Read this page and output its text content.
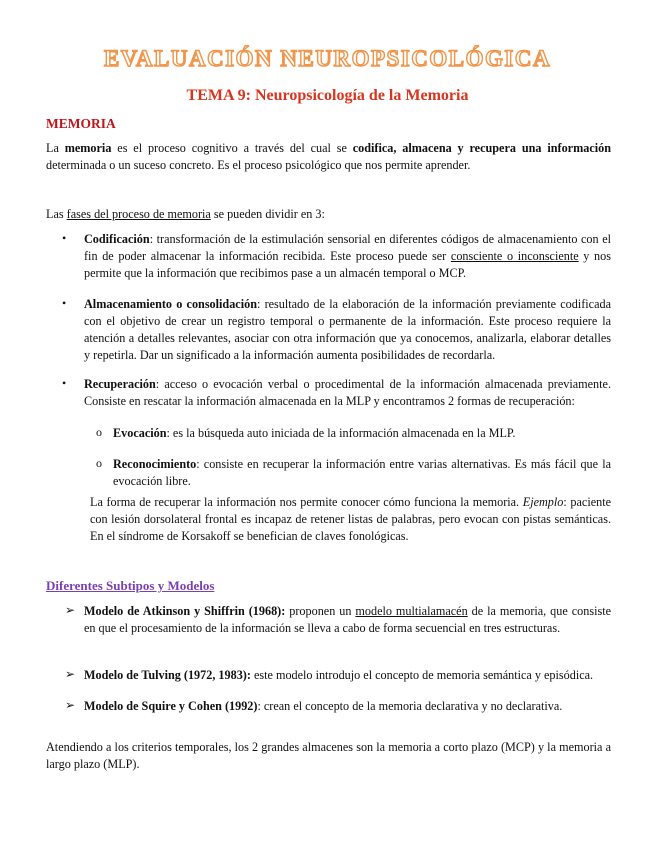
EVALUACIÓN NEUROPSICOLÓGICA
TEMA 9: Neuropsicología de la Memoria
MEMORIA
La memoria es el proceso cognitivo a través del cual se codifica, almacena y recupera una información determinada o un suceso concreto. Es el proceso psicológico que nos permite aprender.
Las fases del proceso de memoria se pueden dividir en 3:
• Codificación: transformación de la estimulación sensorial en diferentes códigos de almacenamiento con el fin de poder almacenar la información recibida. Este proceso puede ser consciente o inconsciente y nos permite que la información que recibimos pase a un almacén temporal o MCP.
• Almacenamiento o consolidación: resultado de la elaboración de la información previamente codificada con el objetivo de crear un registro temporal o permanente de la información. Este proceso requiere la atención a detalles relevantes, asociar con otra información que ya conocemos, analizarla, elaborar detalles y repetirla. Dar un significado a la información aumenta posibilidades de recordarla.
• Recuperación: acceso o evocación verbal o procedimental de la información almacenada previamente. Consiste en rescatar la información almacenada en la MLP y encontramos 2 formas de recuperación:
o Evocación: es la búsqueda auto iniciada de la información almacenada en la MLP.
o Reconocimiento: consiste en recuperar la información entre varias alternativas. Es más fácil que la evocación libre.
La forma de recuperar la información nos permite conocer cómo funciona la memoria. Ejemplo: paciente con lesión dorsolateral frontal es incapaz de retener listas de palabras, pero evocan con pistas semánticas. En el síndrome de Korsakoff se benefician de claves fonológicas.
Diferentes Subtipos y Modelos
➢ Modelo de Atkinson y Shiffrin (1968): proponen un modelo multialamacén de la memoria, que consiste en que el procesamiento de la información se lleva a cabo de forma secuencial en tres estructuras.
➢ Modelo de Tulving (1972, 1983): este modelo introdujo el concepto de memoria semántica y episódica.
➢ Modelo de Squire y Cohen (1992): crean el concepto de la memoria declarativa y no declarativa.
Atendiendo a los criterios temporales, los 2 grandes almacenes son la memoria a corto plazo (MCP) y la memoria a largo plazo (MLP).
